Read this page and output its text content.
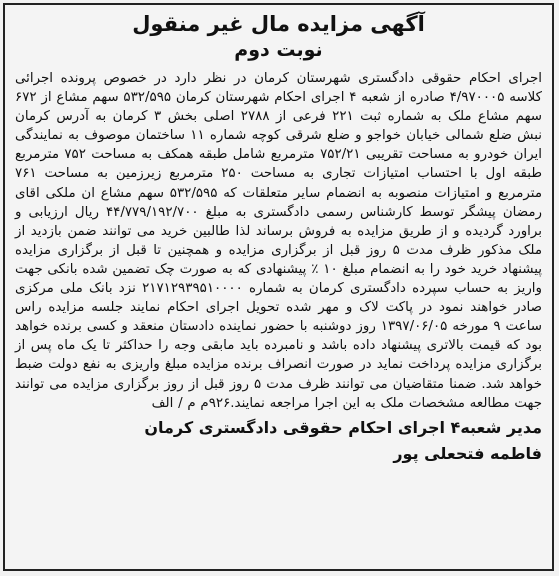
آگهی مزایده مال غیر منقول
نوبت دوم

اجرای احکام حقوقی دادگستری شهرستان کرمان در نظر دارد در خصوص پرونده اجرائی کلاسه ۴/۹۷۰۰۰۵ صادره از شعبه ۴ اجرای احکام شهرستان کرمان ۵۳۲/۵۹۵ سهم مشاع از ۶۷۲ سهم مشاع ملک به شماره ثبت ۲۲۱ فرعی از ۲۷۸۸ اصلی بخش ۳ کرمان به آدرس کرمان نبش ضلع شمالی خیابان خواجو و ضلع شرقی کوچه شماره ۱۱ ساختمان موصوف به نمایندگی ایران خودرو به مساحت تقریبی ۷۵۲/۲۱ مترمربع شامل طبقه همکف به مساحت ۷۵۲ مترمربع طبقه اول با احتساب امتیازات تجاری به مساحت ۲۵۰ مترمربع زیرزمین به مساحت ۷۶۱ مترمربع و امتیازات منصوبه به انضمام سایر متعلقات که ۵۳۲/۵۹۵ سهم مشاع ان ملکی اقای رمضان پیشگر توسط کارشناس رسمی دادگستری به مبلغ ۴۴/۷۷۹/۱۹۲/۷۰۰ ریال ارزیابی و براورد گردیده و از طریق مزایده به فروش برساند لذا طالبین خرید می توانند ضمن بازدید از ملک مذکور ظرف مدت ۵ روز قبل از برگزاری مزایده و همچنین تا قبل از برگزاری مزایده پیشنهاد خرید خود را به انضمام مبلغ ۱۰ ٪ پیشنهادی که به صورت چک تضمین شده بانکی جهت واریز به حساب سپرده دادگستری کرمان به شماره ۲۱۷۱۲۹۳۹۵۱۰۰۰۰ نزد بانک ملی مرکزی صادر خواهند نمود در پاکت لاک و مهر شده تحویل اجرای احکام نمایند جلسه مزایده راس ساعت ۹ مورخه ۱۳۹۷/۰۶/۰۵ روز دوشنبه با حضور نماینده دادستان منعقد و کسی برنده خواهد بود که قیمت بالاتری پیشنهاد داده باشد و نامبرده باید مابقی وجه را حداکثر تا یک ماه پس از برگزاری مزایده پرداخت نماید در صورت انصراف برنده مزایده مبلغ واریزی به نفع دولت ضبط خواهد شد. ضمنا متقاضیان می توانند ظرف مدت ۵ روز قبل از روز برگزاری مزایده می توانند جهت مطالعه مشخصات ملک به این اجرا مراجعه نمایند.۹۲۶م م / الف

مدیر شعبه۴ اجرای احکام حقوقی دادگستری کرمان
فاطمه فتحعلی پور
